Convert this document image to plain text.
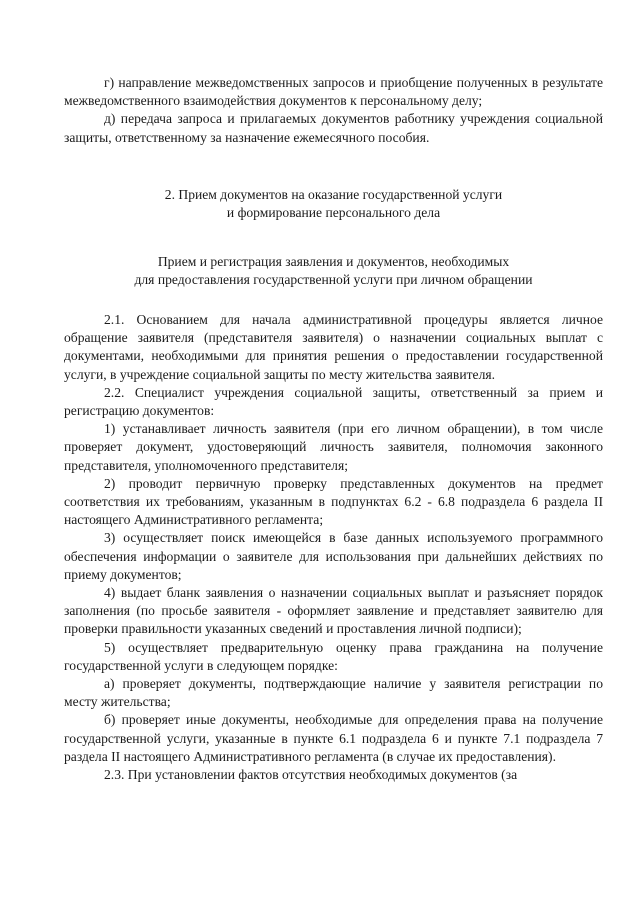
г) направление межведомственных запросов и приобщение полученных в результате межведомственного взаимодействия документов к персональному делу;

д) передача запроса и прилагаемых документов работнику учреждения социальной защиты, ответственному за назначение ежемесячного пособия.

2. Прием документов на оказание государственной услуги

и формирование персонального дела

Прием и регистрация заявления и документов, необходимых

для предоставления государственной услуги при личном обращении

2.1. Основанием для начала административной процедуры является личное обращение заявителя (представителя заявителя) о назначении социальных выплат с документами, необходимыми для принятия решения о предоставлении государственной услуги, в учреждение социальной защиты по месту жительства заявителя.

2.2. Специалист учреждения социальной защиты, ответственный за прием и регистрацию документов:

1) устанавливает личность заявителя (при его личном обращении), в том числе проверяет документ, удостоверяющий личность заявителя, полномочия законного представителя, уполномоченного представителя;

2) проводит первичную проверку представленных документов на предмет соответствия их требованиям, указанным в подпунктах 6.2 - 6.8 подраздела 6 раздела II настоящего Административного регламента;

3) осуществляет поиск имеющейся в базе данных используемого программного обеспечения информации о заявителе для использования при дальнейших действиях по приему документов;

4) выдает бланк заявления о назначении социальных выплат и разъясняет порядок заполнения (по просьбе заявителя - оформляет заявление и представляет заявителю для проверки правильности указанных сведений и проставления личной подписи);

5) осуществляет предварительную оценку права гражданина на получение государственной услуги в следующем порядке:

а) проверяет документы, подтверждающие наличие у заявителя регистрации по месту жительства;

б) проверяет иные документы, необходимые для определения права на получение государственной услуги, указанные в пункте 6.1 подраздела 6 и пункте 7.1 подраздела 7 раздела II настоящего Административного регламента (в случае их предоставления).

2.3. При установлении фактов отсутствия необходимых документов (за
